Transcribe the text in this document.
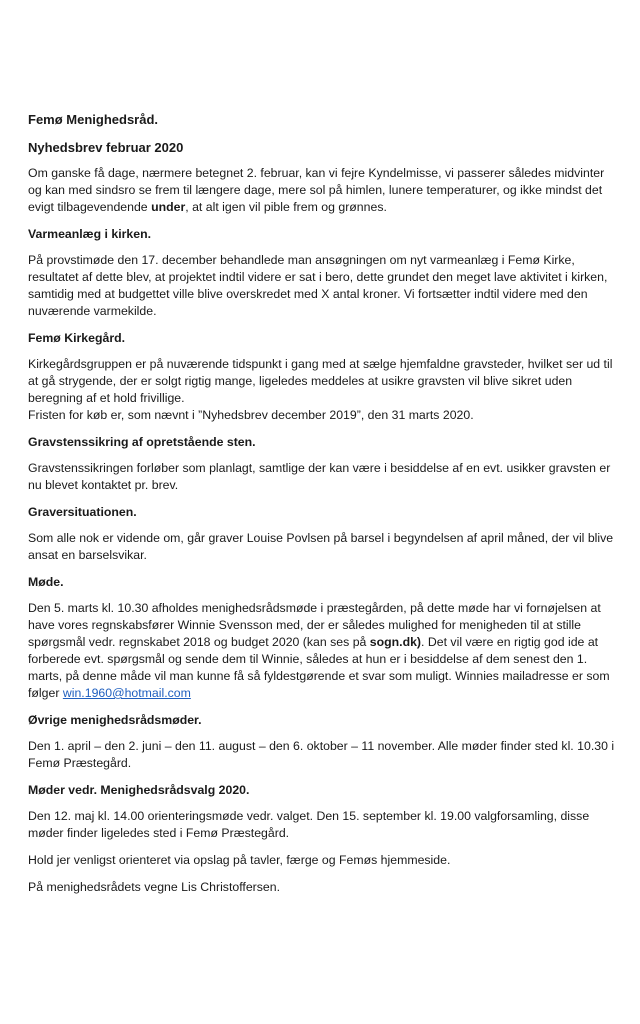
Femø Menighedsråd.

Nyhedsbrev februar 2020

Om ganske få dage, nærmere betegnet 2. februar, kan vi fejre Kyndelmisse, vi passerer således midvinter og kan med sindsro se frem til længere dage, mere sol på himlen, lunere temperaturer, og ikke mindst det evigt tilbagevendende under, at alt igen vil pible frem og grønnes.

Varmeanlæg i kirken.

På provstimøde den 17. december behandlede man ansøgningen om nyt varmeanlæg i Femø Kirke, resultatet af dette blev, at projektet indtil videre er sat i bero, dette grundet den meget lave aktivitet i kirken, samtidig med at budgettet ville blive overskredet med X antal kroner. Vi fortsætter indtil videre med den nuværende varmekilde.

Femø Kirkegård.

Kirkegårdsgruppen er på nuværende tidspunkt i gang med at sælge hjemfaldne gravsteder, hvilket ser ud til at gå strygende, der er solgt rigtig mange, ligeledes meddeles at usikre gravsten vil blive sikret uden beregning af et hold frivillige.

Fristen for køb er, som nævnt i ”Nyhedsbrev december 2019”, den 31 marts 2020.

Gravstenssikring af opretstående sten.

Gravstenssikringen forløber som planlagt, samtlige der kan være i besiddelse af en evt. usikker gravsten er nu blevet kontaktet pr. brev.

Graversituationen.

Som alle nok er vidende om, går graver Louise Povlsen på barsel i begyndelsen af april måned, der vil blive ansat en barselsvikar.

Møde.

Den 5. marts kl. 10.30 afholdes menighedsrådsmøde i præstegården, på dette møde har vi fornøjelsen at have vores regnskabsfører Winnie Svensson med, der er således mulighed for menigheden til at stille spørgsmål vedr. regnskabet 2018 og budget 2020 (kan ses på sogn.dk). Det vil være en rigtig god ide at forberede evt. spørgsmål og sende dem til Winnie, således at hun er i besiddelse af dem senest den 1. marts, på denne måde vil man kunne få så fyldestgørende et svar som muligt. Winnies mailadresse er som følger win.1960@hotmail.com

Øvrige menighedsrådsmøder.

Den 1. april – den 2. juni – den 11. august – den 6. oktober – 11 november. Alle møder finder sted kl. 10.30 i Femø Præstegård.

Møder vedr. Menighedsrådsvalg 2020.

Den 12. maj kl. 14.00 orienteringsmøde vedr. valget. Den 15. september kl. 19.00 valgforsamling, disse møder finder ligeledes sted i Femø Præstegård.

Hold jer venligst orienteret via opslag på tavler, færge og Femøs hjemmeside.

På menighedsrådets vegne Lis Christoffersen.
